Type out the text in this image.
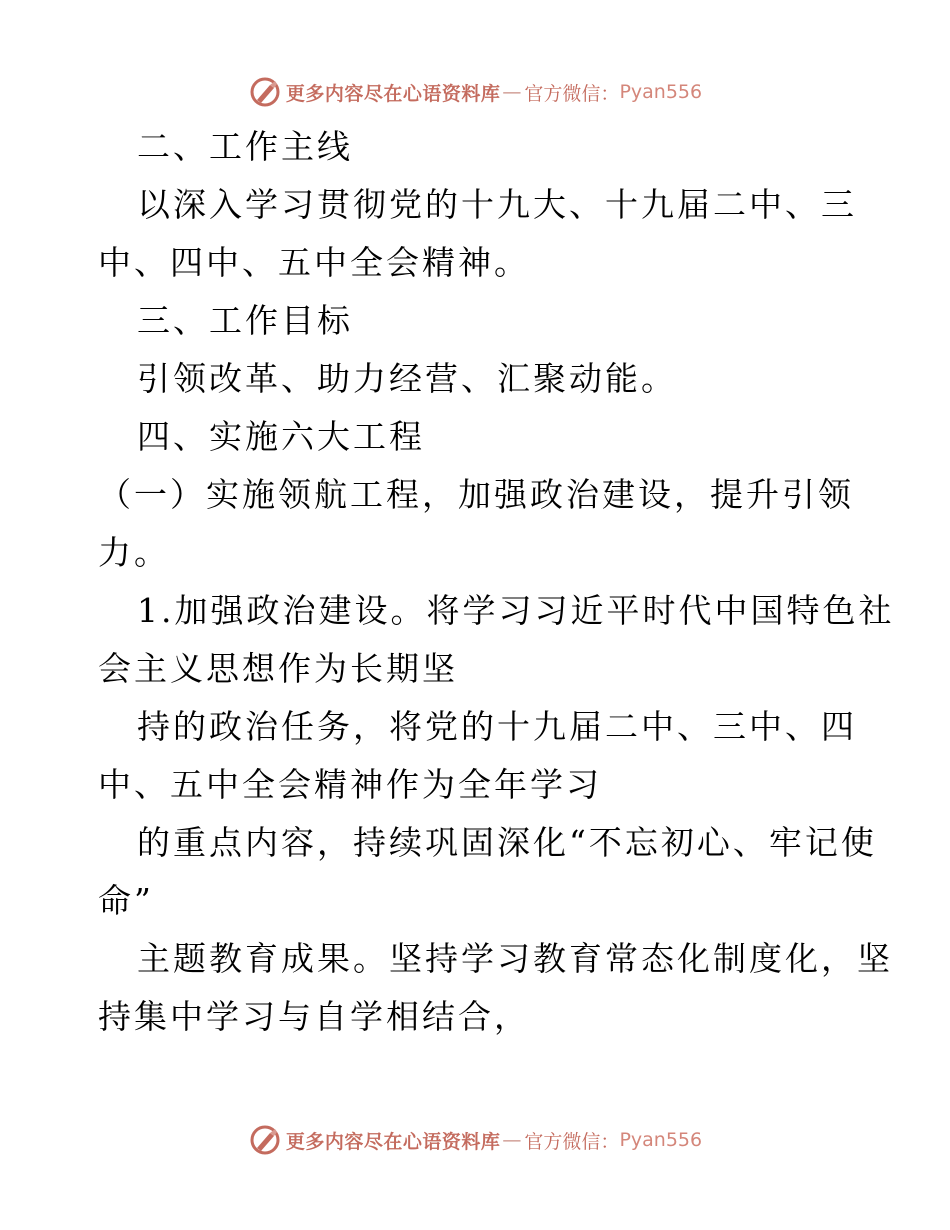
更多内容尽在心语资料库 — 官方微信： Pyan556
二、工作主线
以深入学习贯彻党的十九大、十九届二中、三
中、四中、五中全会精神。
三、工作目标
引领改革、助力经营、汇聚动能。
四、实施六大工程
（一）实施领航工程，加强政治建设，提升引领
力。
1.加强政治建设。将学习习近平时代中国特色社
会主义思想作为长期坚
持的政治任务，将党的十九届二中、三中、四
中、五中全会精神作为全年学习
的重点内容，持续巩固深化“不忘初心、牢记使
命”
主题教育成果。坚持学习教育常态化制度化，坚
持集中学习与自学相结合，
更多内容尽在心语资料库 — 官方微信： Pyan556
